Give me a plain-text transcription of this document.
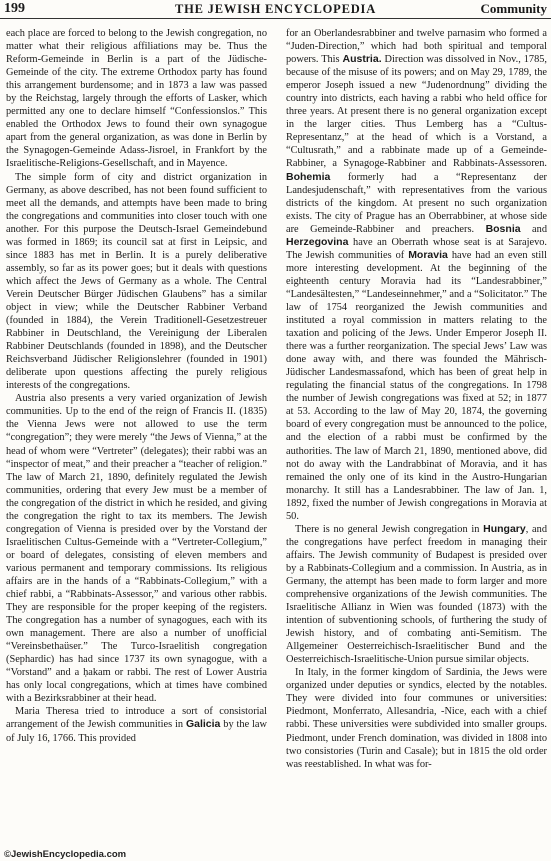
199	THE JEWISH ENCYCLOPEDIA	Community

each place are forced to belong to the Jewish congregation, no matter what their religious affiliations may be. Thus the Reform-Gemeinde in Berlin is a part of the Jüdische-Gemeinde of the city. The extreme Orthodox party has found this arrangement burdensome; and in 1873 a law was passed by the Reichstag, largely through the efforts of Lasker, which permitted any one to declare himself “Confessionslos.” This enabled the Orthodox Jews to found their own synagogue apart from the general organization, as was done in Berlin by the Synagogen-Gemeinde Adass-Jisroel, in Frankfort by the Israelitische-Religions-Gesellschaft, and in Mayence.

The simple form of city and district organization in Germany, as above described, has not been found sufficient to meet all the demands, and attempts have been made to bring the congregations and communities into closer touch with one another. For this purpose the Deutsch-Israel Gemeindebund was formed in 1869; its council sat at first in Leipsic, and since 1883 has met in Berlin. It is a purely deliberative assembly, so far as its power goes; but it deals with questions which affect the Jews of Germany as a whole. The Central Verein Deutscher Bürger Jüdischen Glaubens” has a similar object in view; while the Deutscher Rabbiner Verband (founded in 1884), the Verein Traditionell-Gesetzestreuer Rabbiner in Deutschland, the Vereinigung der Liberalen Rabbiner Deutschlands (founded in 1898), and the Deutscher Reichsverband Jüdischer Religionslehrer (founded in 1901) deliberate upon questions affecting the purely religious interests of the congregations.

Austria also presents a very varied organization of Jewish communities. Up to the end of the reign of Francis II. (1835) the Vienna Jews were not allowed to use the term “congregation”; they were merely “the Jews of Vienna,” at the head of whom were “Vertreter” (delegates); their rabbi was an “inspector of meat,” and their preacher a “teacher of religion.” The law of March 21, 1890, definitely regulated the Jewish communities, ordering that every Jew must be a member of the congregation of the district in which he resided, and giving the congregation the right to tax its members. The Jewish congregation of Vienna is presided over by the Vorstand der Israelitischen Cultus-Gemeinde with a “Vertreter-Collegium,” or board of delegates, consisting of eleven members and various permanent and temporary commissions. Its religious affairs are in the hands of a “Rabbinats-Collegium,” with a chief rabbi, a “Rabbinats-Assessor,” and various other rabbis. They are responsible for the proper keeping of the registers. The congregation has a number of synagogues, each with its own management. There are also a number of unofficial “Vereinsbethaüser.” The Turco-Israelitish congregation (Sephardic) has had since 1737 its own synagogue, with a “Vorstand” and a ḥakam or rabbi. The rest of Lower Austria has only local congregations, which at times have combined with a Bezirksrabbiner at their head.

Maria Theresa tried to introduce a sort of consistorial arrangement of the Jewish communities in Galicia by the law of July 16, 1766. This provided

for an Oberlandesrabbiner and twelve parnasim who formed a “Juden-Direction,” which had both spiritual and temporal powers. This Austria. Direction was dissolved in Nov., 1785, because of the misuse of its powers; and on May 29, 1789, the emperor Joseph issued a new “Judenordnung” dividing the country into districts, each having a rabbi who held office for three years. At present there is no general organization except in the larger cities. Thus Lemberg has a “Cultus-Representanz,” at the head of which is a Vorstand, a “Cultusrath,” and a rabbinate made up of a Gemeinde-Rabbiner, a Synagoge-Rabbiner and Rabbinats-Assessoren. Bohemia formerly had a “Representanz der Landesjudenschaft,” with representatives from the various districts of the kingdom. At present no such organization exists. The city of Prague has an Oberrabbiner, at whose side are Gemeinde-Rabbiner and preachers. Bosnia and Herzegovina have an Oberrath whose seat is at Sarajevo. The Jewish communities of Moravia have had an even still more interesting development. At the beginning of the eighteenth century Moravia had its “Landesrabbiner,” “Landesältesten,” “Landeseinnehmer,” and a “Solicitator.” The law of 1754 reorganized the Jewish communities and instituted a royal commission in matters relating to the taxation and policing of the Jews. Under Emperor Joseph II. there was a further reorganization. The special Jews’ Law was done away with, and there was founded the Mährisch-Jüdischer Landesmassafond, which has been of great help in regulating the financial status of the congregations. In 1798 the number of Jewish congregations was fixed at 52; in 1877 at 53. According to the law of May 20, 1874, the governing board of every congregation must be announced to the police, and the election of a rabbi must be confirmed by the authorities. The law of March 21, 1890, mentioned above, did not do away with the Landrabbinat of Moravia, and it has remained the only one of its kind in the Austro-Hungarian monarchy. It still has a Landesrabbiner. The law of Jan. 1, 1892, fixed the number of Jewish congregations in Moravia at 50.

There is no general Jewish congregation in Hungary, and the congregations have perfect freedom in managing their affairs. The Jewish community of Budapest is presided over by a Rabbinats-Collegium and a commission. In Austria, as in Germany, the attempt has been made to form larger and more comprehensive organizations of the Jewish communities. The Israelitische Allianz in Wien was founded (1873) with the intention of subventioning schools, of furthering the study of Jewish history, and of combating anti-Semitism. The Allgemeiner Oesterreichisch-Israelitischer Bund and the Oesterreichisch-Israelitische-Union pursue similar objects.

In Italy, in the former kingdom of Sardinia, the Jews were organized under deputies or syndics, elected by the notables. They were divided into four communes or universities: Piedmont, Monferrato, Allesandria, -Nice, each with a chief rabbi. These universities were subdivided into smaller groups. Piedmont, under French domination, was divided in 1808 into two consistories (Turin and Casale); but in 1815 the old order was reestablished. In what was for-

©JewishEncyclopedia.com
